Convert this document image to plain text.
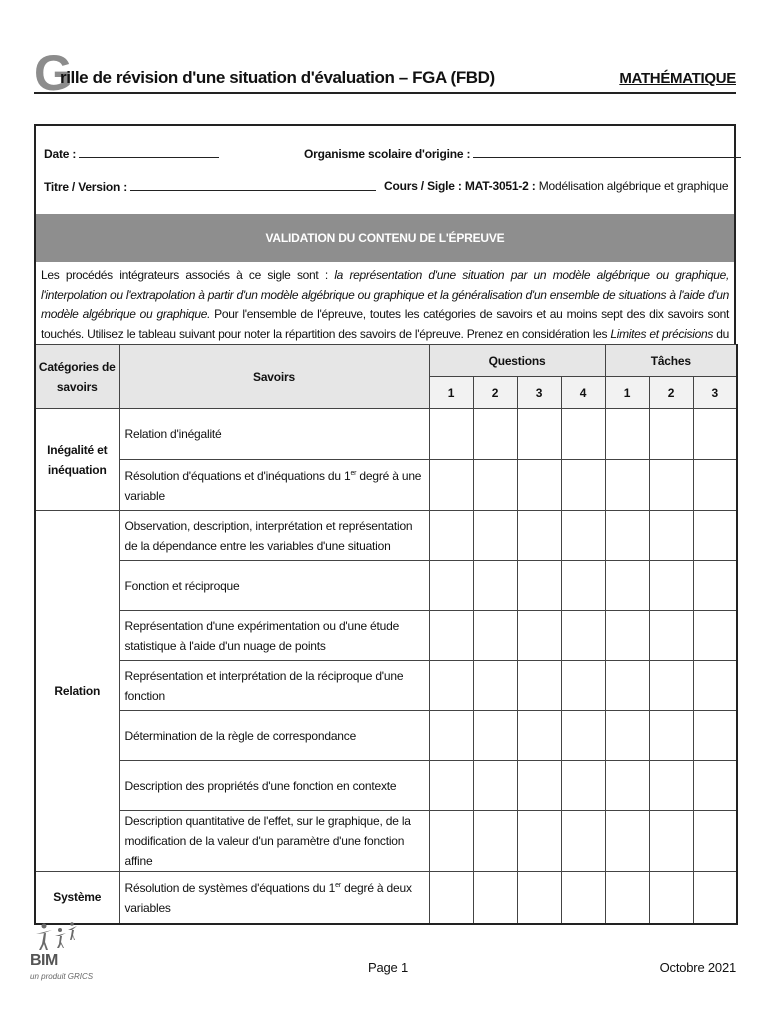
G
rille de révision d'une situation d'évaluation – FGA (FBD)	MATHÉMATIQUE
Date :	Organisme scolaire d'origine :
Titre / Version :	Cours / Sigle : MAT-3051-2 : Modélisation algébrique et graphique
VALIDATION DU CONTENU DE L'ÉPREUVE
Les procédés intégrateurs associés à ce sigle sont : la représentation d'une situation par un modèle algébrique ou graphique, l'interpolation ou l'extrapolation à partir d'un modèle algébrique ou graphique et la généralisation d'un ensemble de situations à l'aide d'un modèle algébrique ou graphique. Pour l'ensemble de l'épreuve, toutes les catégories de savoirs et au moins sept des dix savoirs sont touchés. Utilisez le tableau suivant pour noter la répartition des savoirs de l'épreuve. Prenez en considération les Limites et précisions du
Catégories de savoirs	Savoirs	Questions				Tâches		
		1	2	3	4	1	2	3
Inégalité et inéquation	Relation d'inégalité							
	Résolution d'équations et d'inéquations du 1er degré à une variable							
Relation	Observation, description, interprétation et représentation de la dépendance entre les variables d'une situation							
	Fonction et réciproque							
	Représentation d'une expérimentation ou d'une étude statistique à l'aide d'un nuage de points							
	Représentation et interprétation de la réciproque d'une fonction							
	Détermination de la règle de correspondance							
	Description des propriétés d'une fonction en contexte							
	Description quantitative de l'effet, sur le graphique, de la modification de la valeur d'un paramètre d'une fonction affine							
Système	Résolution de systèmes d'équations du 1er degré à deux variables							
BIM
un produit GRICS
Page 1	Octobre 2021
